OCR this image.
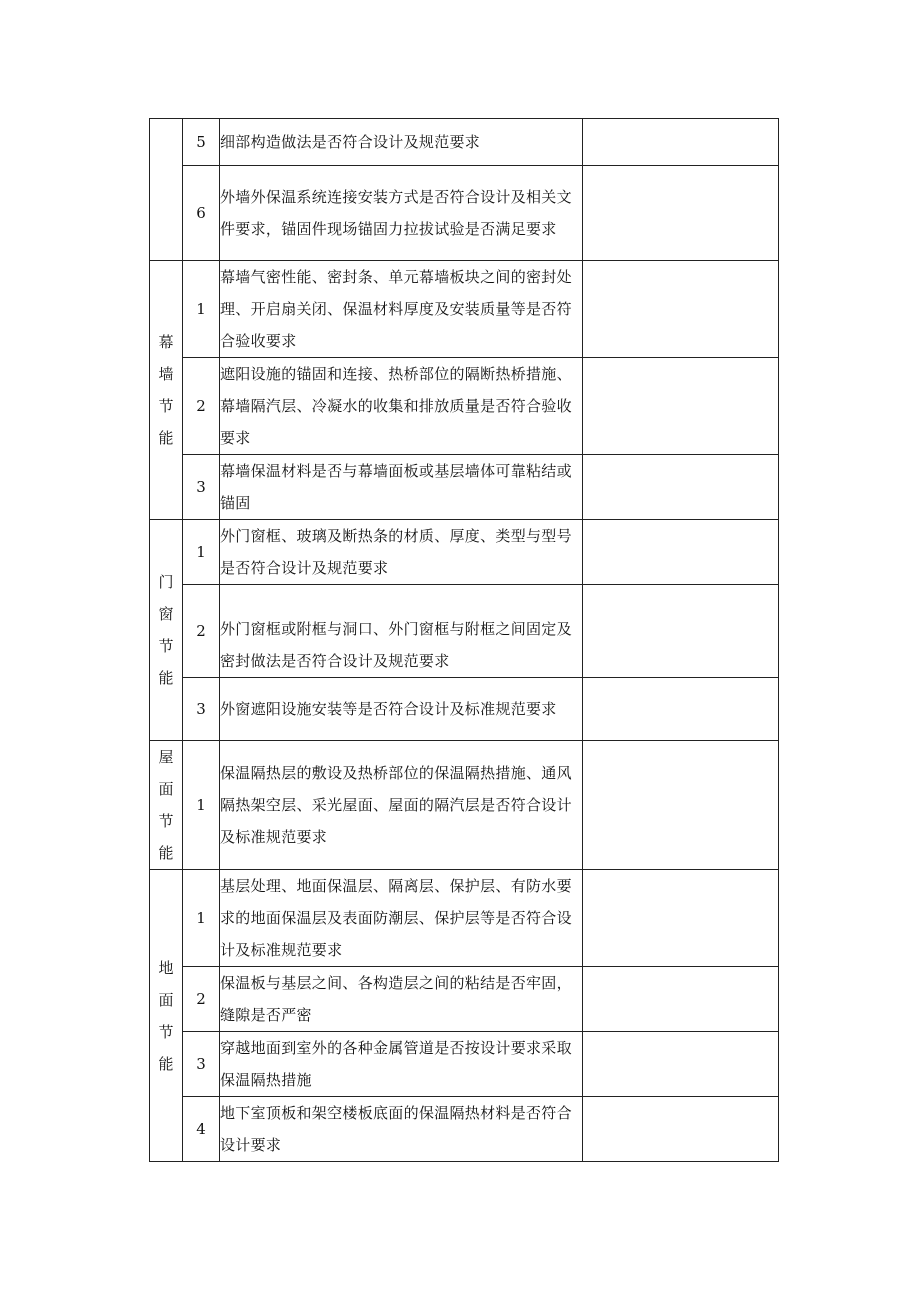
	5	细部构造做法是否符合设计及规范要求	
	6	外墙外保温系统连接安装方式是否符合设计及相关文件要求，锚固件现场锚固力拉拔试验是否满足要求	

幕
墙
节
能	1	幕墙气密性能、密封条、单元幕墙板块之间的密封处理、开启扇关闭、保温材料厚度及安装质量等是否符合验收要求	
	2	遮阳设施的锚固和连接、热桥部位的隔断热桥措施、幕墙隔汽层、冷凝水的收集和排放质量是否符合验收要求	
	3	幕墙保温材料是否与幕墙面板或基层墙体可靠粘结或锚固	

门
窗
节
能	1	外门窗框、玻璃及断热条的材质、厚度、类型与型号是否符合设计及规范要求	
	2	外门窗框或附框与洞口、外门窗框与附框之间固定及密封做法是否符合设计及规范要求	
	3	外窗遮阳设施安装等是否符合设计及标准规范要求	

屋
面
节
能	1	保温隔热层的敷设及热桥部位的保温隔热措施、通风隔热架空层、采光屋面、屋面的隔汽层是否符合设计及标准规范要求	

地
面
节
能	1	基层处理、地面保温层、隔离层、保护层、有防水要求的地面保温层及表面防潮层、保护层等是否符合设计及标准规范要求	
	2	保温板与基层之间、各构造层之间的粘结是否牢固，缝隙是否严密	
	3	穿越地面到室外的各种金属管道是否按设计要求采取保温隔热措施	
	4	地下室顶板和架空楼板底面的保温隔热材料是否符合设计要求	
